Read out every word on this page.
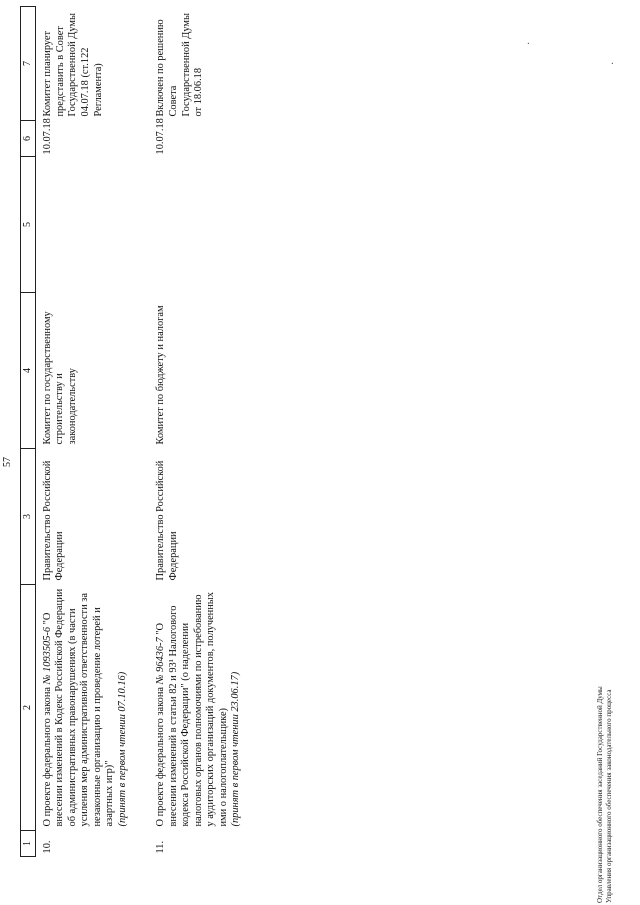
57
1	2	3	4	5	6	7
10.	О проекте федерального закона № 1093505-6 "О внесении изменений в Кодекс Российской Федерации об административных правонарушениях (в части усиления мер административной ответственности за незаконные организацию и проведение лотерей и азартных игр)"
(принят в первом чтении 07.10.16)	Правительство Российской Федерации	Комитет по государственному строительству и законодательству		10.07.18	Комитет планирует представить в Совет Государственной Думы 04.07.18 (ст.122 Регламента)

11.	О проекте федерального закона № 96436-7 "О внесении изменений в статьи 82 и 93¹ Налогового кодекса Российской Федерации" (о наделении налоговых органов полномочиями по истребованию у аудиторских организаций документов, полученных ими о налогоплательщике)
(принят в первом чтении 23.06.17)	Правительство Российской Федерации	Комитет по бюджету и налогам		10.07.18	Включен по решению Совета Государственной Думы от 18.06.18
Отдел организационного обеспечения заседаний Государственной Думы Управления организационного обеспечения законодательного процесса
·
·
